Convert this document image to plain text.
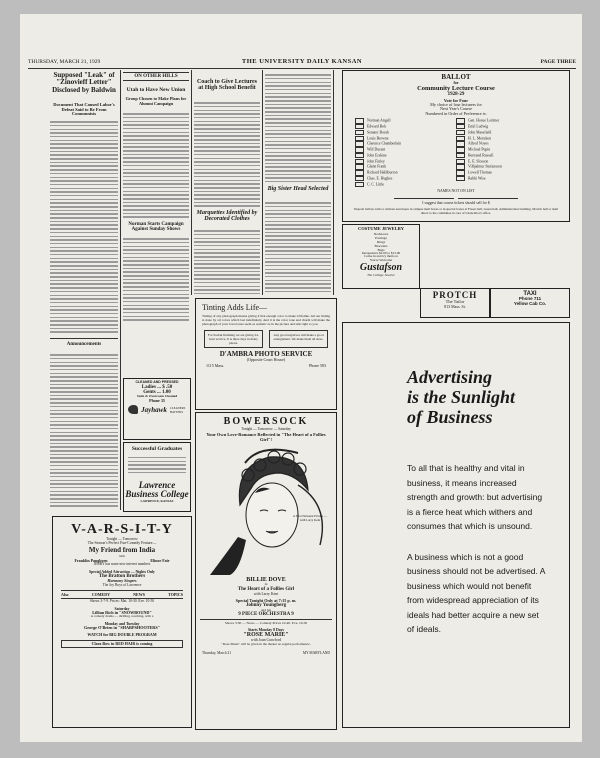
THURSDAY, MARCH 21, 1929	THE UNIVERSITY DAILY KANSAN	PAGE THREE
Supposed "Leak" of "Zinovieff Letter" Disclosed by Baldwin
Document That Caused Labor's Defeat Said to Be From Communists
Announcements
ON OTHER HILLS
Utah to Have New Union
Group Chosen to Make Plans for Alumni Campaign
Norman Starts Campaign Against Sunday Shows
CLEANED AND PRESSED
Ladies ... $ .50
Gents ... 1.00
Suits & Overcoats Cleaned
Phone 35
Jayhawk CLEANERS HATTERS
Successful Graduates
Lawrence Business College
LAWRENCE, KANSAS
Coach to Give Lectures at High School Benefit
Marquettes Identified by Decorated Clothes
Big Sister Head Selected
BALLOT
for
Community Lecture Course
1928-29
Vote for Four
My choice of four lecturers for
Next Year's Course
Numbered in Order of Preference is:
Norman Angell	Gen. Hosue Lorimer
Edward Bok	Emil Ludwig
Senator Borah	John Masefield
Louis Browne	H. L. Mencken
Clarence Chamberlain	Alfred Noyes
Will Durant	Michael Pupin
John Erskine	Bertrand Russell
John Finley	E. E. Slosson
Glenn Frank	Vilhjalmur Stefansson
Richard Halliburton	Lowell Thomas
Chas. E. Hughes	Rabbi Wise
C. C. Little
NAMES NOT ON LIST
I suggest that course tickets should sell for $
Deposit ballots with or without envelopes in campus mail boxes or in special boxes at Fraser hall, Green hall, Administration building. Marvin hall or mail direct to the committee in care of Chancellor's office.
COSTUME JEWELRY
Necklaces
Earrings
Rings
Bracelets
Bags
Inexpensive $2.00 to $15.00
Come in and try them on
You're Welcome
Gustafson
The College Jeweler
PROTCH
The Tailor
813 Mass. St.
TAXI
Phone 711
Yellow Cab Co.
Tinting Adds Life—
Tinting of any photograph means giving it that enough color to make it lifelike. All our tinting is done by oil colors which last indefinitely. And it is the color tone and charm will make the photograph of your loved ones seem as realistic as in the picture and talk right to you.
For Kodak finishing we are giving 24-hour service. It is three days in many places.
Any good negatives will make a good enlargement. We make them all sizes.
D'AMBRA PHOTO SERVICE
(Opposite Court House)
1115 Mass.	Phone 583
BOWERSOCK
Tonight — Tomorrow — Saturday
Your Own Love-Romance Reflected in "The Heart of a Follies Girl"!
A First National Picture — with Larry Kent
BILLIE DOVE
in
The Heart of a Follies Girl
with Larry Kent
Special Tonight Only at 7:15 p. m.
Johnny Youngberg
and his
9 PIECE ORCHESTRA 9
Shows 3:30 — News — Comedy Prices 10-40. Eve. 10-50
Starts Monday 8 Days
"ROSE MARIE"
with Joan Crawford
"Rose Marie" will be given in the theater no regular performance.
Thursday, March 21	MY MARYLAND
V-A-R-S-I-T-Y
Tonight — Tomorrow
The Season's Perfect Fun-Comedy Feature—
My Friend from India
with
Franklin Pangborn	Elinor Fair
JERRY has some new interest numbers
Special Added Attraction — Nights Only
The Bratton Brothers
Harmony Singers
The Joy Boys of Lawrence
Also	COMEDY	NEWS	TOPICS
Shows 3-7-9. Prices: Mat. 10-30. Eve. 10-50
Saturday
Lillian Rich in "SNOWBOUND"
A comedy drama — thrilling, touching, with a
Monday and Tuesday
George O'Brien in "SHARPSHOOTERS"
WATCH for BIG DOUBLE PROGRAM
Clara Bow in RED HAIR is coming
Advertising
is the Sunlight
of Business
To all that is healthy and vital in business, it means increased strength and growth: but advertising is a fierce heat which withers and consumes that which is unsound.
A business which is not a good business should not be advertised. A business which would not benefit from widespread appreciation of its ideals had better acquire a new set of ideals.
